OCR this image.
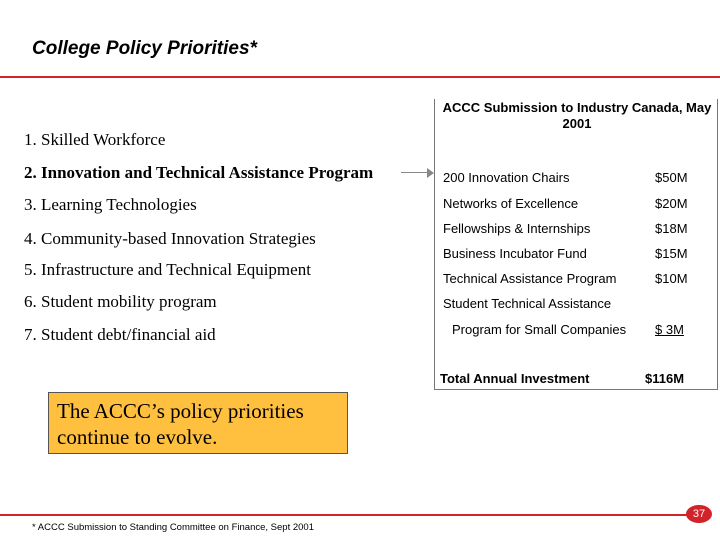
College Policy Priorities*
1. Skilled Workforce
2. Innovation and Technical Assistance Program
3. Learning Technologies
4. Community-based Innovation Strategies
5. Infrastructure and Technical Equipment
6. Student mobility program
7. Student debt/financial aid
ACCC Submission to Industry Canada, May 2001
200 Innovation Chairs	$50M
Networks of Excellence	$20M
Fellowships & Internships	$18M
Business Incubator Fund	$15M
Technical Assistance Program	$10M
Student Technical Assistance
Program for Small Companies $ 3M
Total Annual Investment	$116M
The ACCC’s policy priorities continue to evolve.
* ACCC Submission to Standing Committee on Finance, Sept 2001
37
